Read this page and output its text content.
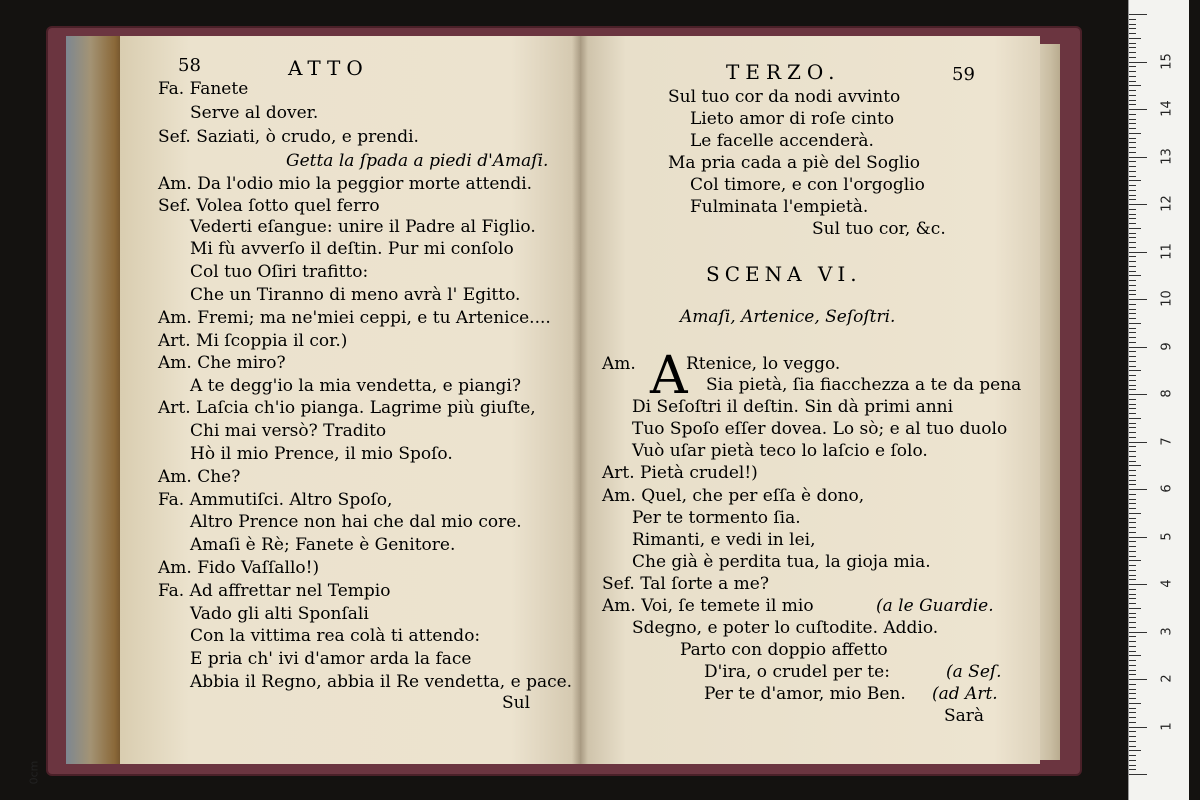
58	ATTO
Fa. Fanete
Serve al dover.
Sef. Saziati, ò crudo, e prendi.
Getta la ſpada a piedi d'Amaſi.
Am. Da l'odio mio la peggior morte attendi.
Sef. Volea ſotto quel ferro
Vederti eſangue: unire il Padre al Figlio.
Mi fù avverſo il deſtin. Pur mi conſolo
Col tuo Oſiri trafitto:
Che un Tiranno di meno avrà l' Egitto.
Am. Fremi; ma ne'miei ceppi, e tu Artenice....
Art. Mi ſcoppia il cor.)
Am. Che miro?
A te degg'io la mia vendetta, e piangi?
Art. Laſcia ch'io pianga. Lagrime più giuſte,
Chi mai versò? Tradito
Hò il mio Prence, il mio Spoſo.
Am. Che?
Fa. Ammutiſci. Altro Spoſo,
Altro Prence non hai che dal mio core.
Amaſi è Rè; Fanete è Genitore.
Am. Fido Vaſſallo!)
Fa. Ad affrettar nel Tempio
Vado gli alti Sponſali
Con la vittima rea colà ti attendo:
E pria ch' ivi d'amor arda la face
Abbia il Regno, abbia il Re vendetta, e pace.
Sul
TERZO.	59
Sul tuo cor da nodi avvinto
Lieto amor di roſe cinto
Le facelle accenderà.
Ma pria cada a piè del Soglio
Col timore, e con l'orgoglio
Fulminata l'empietà.
Sul tuo cor, &c.
SCENA VI.
Amaſi, Artenice, Seſoſtri.
A
Am.	Rtenice, lo veggo.
Sia pietà, ſia fiacchezza a te da pena
Di Seſoſtri il deſtin. Sin dà primi anni
Tuo Spoſo eſſer dovea. Lo sò; e al tuo duolo
Vuò uſar pietà teco lo laſcio e ſolo.
Art. Pietà crudel!)
Am. Quel, che per eſſa è dono,
Per te tormento ſia.
Rimanti, e vedi in lei,
Che già è perdita tua, la gioja mia.
Sef. Tal ſorte a me?
Am. Voi, ſe temete il mio	(a le Guardie.
Sdegno, e poter lo cuſtodite. Addio.
Parto con doppio affetto
D'ira, o crudel per te:	(a Seſ.
Per te d'amor, mio Ben. (ad Art.
Sarà	1
2
3
4
5
6
7
8
9
10
11
12
13
14
15
0cm
